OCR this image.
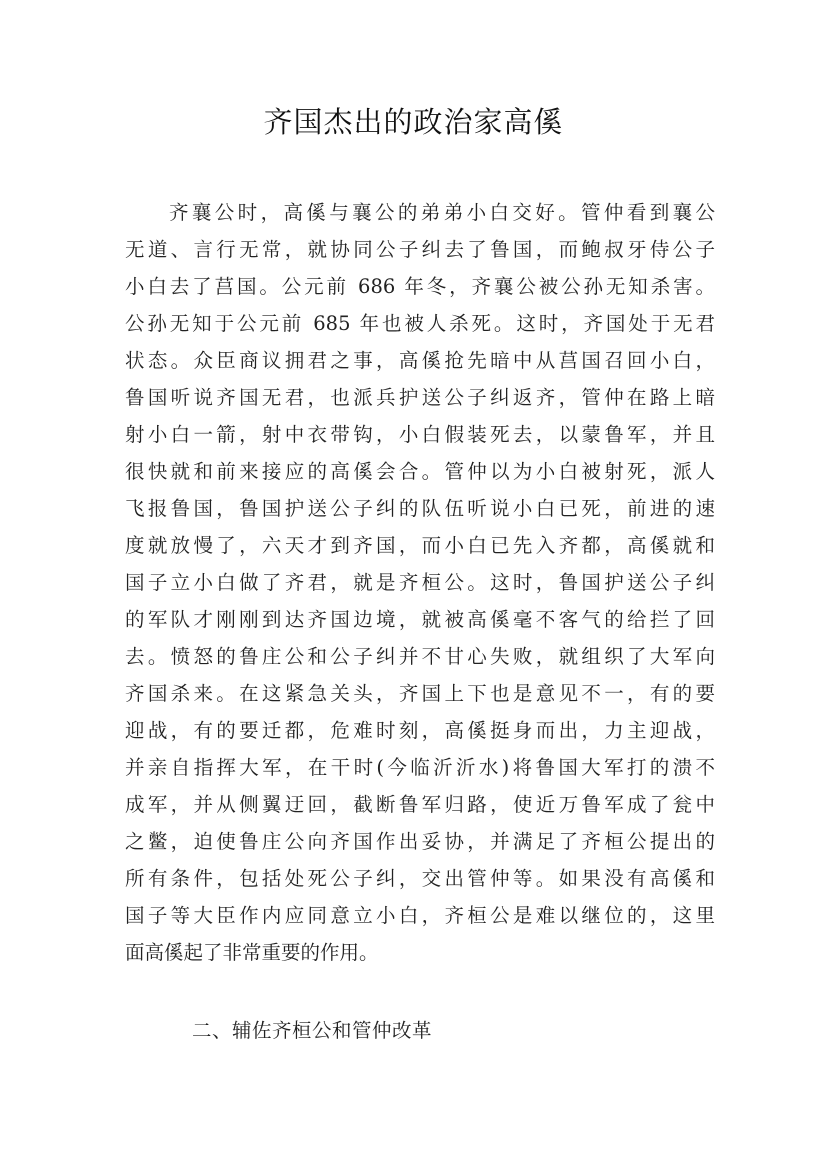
齐国杰出的政治家高傒
齐襄公时，高傒与襄公的弟弟小白交好。管仲看到襄公
无道、言行无常，就协同公子纠去了鲁国，而鲍叔牙侍公子
小白去了莒国。公元前 686 年冬，齐襄公被公孙无知杀害。
公孙无知于公元前 685 年也被人杀死。这时，齐国处于无君
状态。众臣商议拥君之事，高傒抢先暗中从莒国召回小白，
鲁国听说齐国无君，也派兵护送公子纠返齐，管仲在路上暗
射小白一箭，射中衣带钩，小白假装死去，以蒙鲁军，并且
很快就和前来接应的高傒会合。管仲以为小白被射死，派人
飞报鲁国，鲁国护送公子纠的队伍听说小白已死，前进的速
度就放慢了，六天才到齐国，而小白已先入齐都，高傒就和
国子立小白做了齐君，就是齐桓公。这时，鲁国护送公子纠
的军队才刚刚到达齐国边境，就被高傒毫不客气的给拦了回
去。愤怒的鲁庄公和公子纠并不甘心失败，就组织了大军向
齐国杀来。在这紧急关头，齐国上下也是意见不一，有的要
迎战，有的要迁都，危难时刻，高傒挺身而出，力主迎战，
并亲自指挥大军，在干时(今临沂沂水)将鲁国大军打的溃不
成军，并从侧翼迂回，截断鲁军归路，使近万鲁军成了瓮中
之鳖，迫使鲁庄公向齐国作出妥协，并满足了齐桓公提出的
所有条件，包括处死公子纠，交出管仲等。如果没有高傒和
国子等大臣作内应同意立小白，齐桓公是难以继位的，这里
面高傒起了非常重要的作用。
二、辅佐齐桓公和管仲改革
